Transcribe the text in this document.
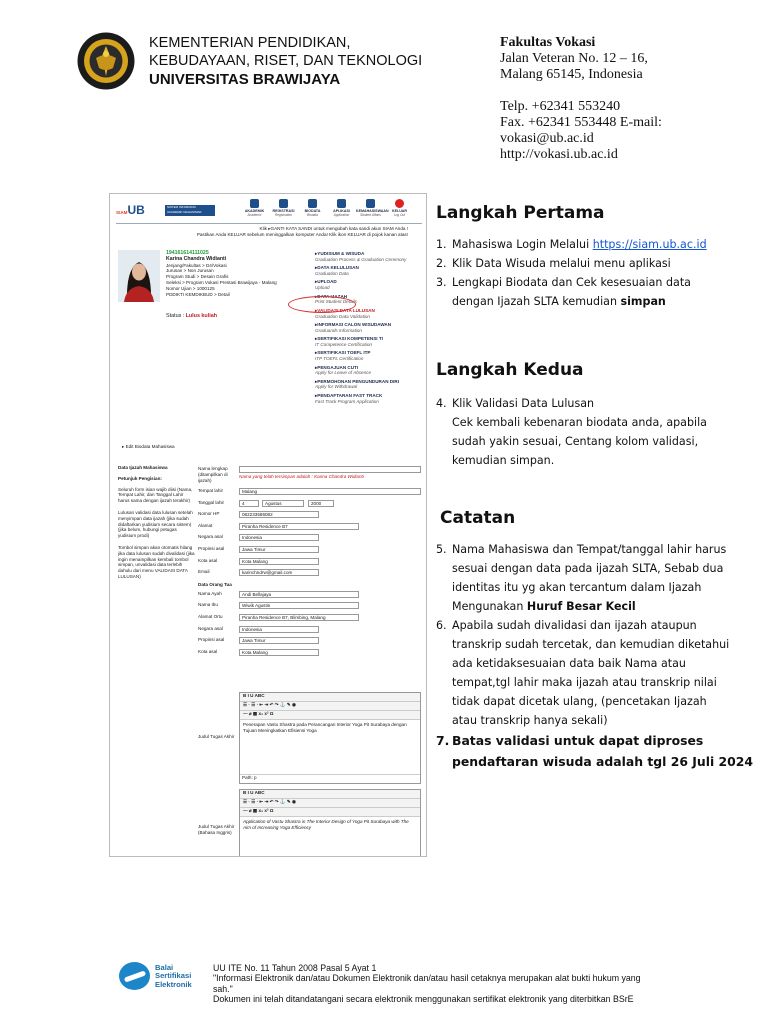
KEMENTERIAN PENDIDIKAN,
KEBUDAYAAN, RISET, DAN TEKNOLOGI
UNIVERSITAS BRAWIJAYA
Fakultas Vokasi
Jalan Veteran No. 12 – 16,
Malang 65145, Indonesia
Telp. +62341 553240
Fax. +62341 553448 E-mail:
vokasi@ub.ac.id
http://vokasi.ub.ac.id
SIAMUB	SISTEM INFORMASI
AKADEMIK MAHASISWA
UNIVERSITAS BRAWIJAYA
AKADEMIK
Academic
REGISTRASI
Registration
BIODATA
Biodata
APLIKASI
Application
KEMAHASISWAAN
Student Affairs
KELUAR
Log Out
Klik ▸GANTI KATA SANDI untuk mengubah kata sandi akun SIAM Anda !
Pastikan Anda KELUAR sebelum meninggalkan komputer Anda! Klik ikon KELUAR di pojok kanan atas!
194161614111025
Karina Chandra Widianti
Jenjang/Fakultas > D4/Vokasi
Jurusan > Non Jurusan
Program Studi > Desain Grafis
Seleksi > Program Vokasi Prestasi Brawijaya - Malang
Nomor Ujian > 1000125
PDDIKTI KEMDIKBUD > Detail
Status : Lulus kuliah
▸YUDISIUM & WISUDA
Graduation Process & Graduation Ceremony
▸DATA KELULUSAN
Graduation Data
▸UPLOAD
Upload
▸DATA IJAZAH
Print Student Details
▸VALIDASI DATA LULUSAN
Graduation Data Validation
▸INFORMASI CALON WISUDAWAN
Graduands Information
▸SERTIFIKASI KOMPETENSI TI
IT Competence Certification
▸SERTIFIKASI TOEFL ITP
ITP TOEFL Certification
▸PENGAJUAN CUTI
Apply for Leave of Absence
▸PERMOHONAN PENGUNDURAN DIRI
Apply for Withdrawal
▸PENDAFTARAN FAST TRACK
Fast Track Program Application
▸ Edit Biodata Mahasiswa
Data Ijazah Mahasiswa
Petunjuk Pengisian:

Seluruh form isian wajib diisi (Nama, Tempat Lahir, dan Tanggal Lahir harus sama dengan ijazah terakhir)

Lulusan validasi data lulusan setelah menyimpan data ijazah (jika sudah didaftarkan yudisium secara sistem) (jika belum, hubungi petugas yudisium prodi)

Tombol simpan akan otomatis hilang jika data lulusan sudah divalidasi (jika ingin menampilkan kembali tombol simpan, unvalidasi data terlebih dahulu dari menu VALIDASI DATA LULUSAN)

Nama lengkap (ditampilkan di ijazah)
Nama yang telah tersimpan adalah : Karina Chandra Widianti
Tempat lahir	Malang
Tanggal lahir	4	Agustus	2000
Nomor HP	082233586082
Alamat	Piranha Residence B7
Negara asal	Indonesia
Propinsi asal	Jawa Timur
Kota asal	Kota Malang
Email	karinchndrw@gmail.com
Data Orang Tua
Nama Ayah	Andi Bellajaya
Nama Ibu	Wiwik Agustin
Alamat Ortu	Piranha Residence B7, Blimbing, Malang
Negara asal	Indonesia
Propinsi asal	Jawa Timur
Kota asal	Kota Malang
B I U ABC
☰ · ☰ · ⇤ ⇥ ↶ ↷ ⚓ ✎ ◉
— ⌀ ▦ x₂ x² Ω
Penerapan Vastu Shastra pada Perancangan Interior Yoga Pit Surabaya dengan Tujuan Meningkatkan Efisiensi Yoga
Path: p
Judul Tugas Akhir
B I U ABC
☰ · ☰ · ⇤ ⇥ ↶ ↷ ⚓ ✎ ◉
— ⌀ ▦ x₂ x² Ω
Application of Vastu Shastra in The Interior Design of Yoga Pit Surabaya with The Aim of Increasing Yoga Efficiency
Judul Tugas Akhir (Bahasa Inggris)
Langkah Pertama
1. Mahasiswa Login Melalui https://siam.ub.ac.id
2. Klik Data Wisuda melalui menu aplikasi
3. Lengkapi Biodata dan Cek kesesuaian data
dengan Ijazah SLTA kemudian simpan
Langkah Kedua
4. Klik Validasi Data Lulusan
Cek kembali kebenaran biodata anda, apabila
sudah yakin sesuai, Centang kolom validasi,
kemudian simpan.
Catatan
5. Nama Mahasiswa dan Tempat/tanggal lahir harus
sesuai dengan data pada ijazah SLTA, Sebab dua
identitas itu yg akan tercantum dalam Ijazah
Mengunakan Huruf Besar Kecil
6. Apabila sudah divalidasi dan ijazah ataupun
transkrip sudah tercetak, dan kemudian diketahui
ada ketidaksesuaian data baik Nama atau
tempat,tgl lahir maka ijazah atau transkrip nilai
tidak dapat dicetak ulang, (pencetakan Ijazah
atau transkrip hanya sekali)
7. Batas validasi untuk dapat diproses
pendaftaran wisuda adalah tgl 26 Juli 2024
Balai
Sertifikasi
Elektronik
UU ITE No. 11 Tahun 2008 Pasal 5 Ayat 1
"Informasi Elektronik dan/atau Dokumen Elektronik dan/atau hasil cetaknya merupakan alat bukti hukum yang sah."
Dokumen ini telah ditandatangani secara elektronik menggunakan sertifikat elektronik yang diterbitkan BSrE
